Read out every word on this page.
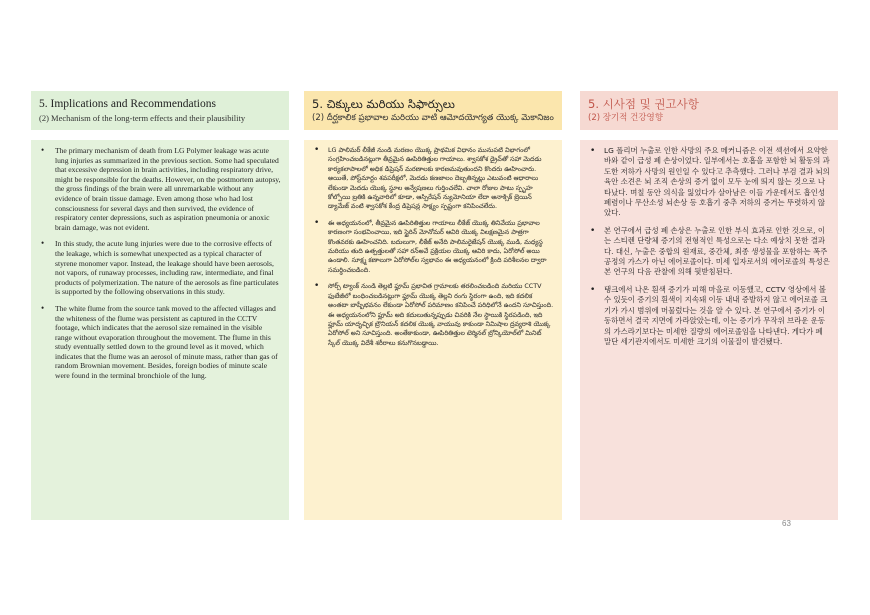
5. Implications and Recommendations
(2) Mechanism of the long-term effects and their plausibility
• The primary mechanism of death from LG Polymer leakage was acute lung injuries as summarized in the previous section. Some had speculated that excessive depression in brain activities, including respiratory drive, might be responsible for the deaths. However, on the postmortem autopsy, the gross findings of the brain were all unremarkable without any evidence of brain tissue damage. Even among those who had lost consciousness for several days and then survived, the evidence of respiratory center depressions, such as aspiration pneumonia or anoxic brain damage, was not evident.
• In this study, the acute lung injuries were due to the corrosive effects of the leakage, which is somewhat unexpected as a typical character of styrene monomer vapor. Instead, the leakage should have been aerosols, not vapors, of runaway processes, including raw, intermediate, and final products of polymerization. The nature of the aerosols as fine particulates is supported by the following observations in this study.
• The white flume from the source tank moved to the affected villages and the whiteness of the flume was persistent as captured in the CCTV footage, which indicates that the aerosol size remained in the visible range without evaporation throughout the movement. The flume in this study eventually settled down to the ground level as it moved, which indicates that the flume was an aerosol of minute mass, rather than gas of random Brownian movement. Besides, foreign bodies of minute scale were found in the terminal bronchiole of the lung.
5. చిక్కులు మరియు సిఫార్సులు
(2) దీర్ఘకాలిక ప్రభావాల మరియు వాటి ఆమోదయోగ్యత యొక్క మెకానిజం
• LG పాలిమర్ లీకేజీ నుండి మరణం యొక్క ప్రాథమిక విధానం మునుపటి విభాగంలో సంగ్రహించబడినట్లుగా తీవ్రమైన ఊపిరితిత్తుల గాయాలు. శ్వాసకోశ డ్రైవ్‌తో సహా మెదడు కార్యకలాపాలలో అధిక డిప్రెషన్ మరణాలకు కారణమవుతుందని కొందరు ఊహించారు. అయితే, పోస్ట్‌మార్టం శవపరీక్షలో, మెదడు కణజాలం దెబ్బతిన్నట్లు ఎటువంటి ఆధారాలు లేకుండా మెదడు యొక్క స్థూల అన్వేషణలు గుర్తించలేవి. చాలా రోజుల పాటు స్పృహ కోల్పోయి బ్రతికి ఉన్నవారిలో కూడా, ఆస్పిరేషన్ న్యుమోనియా లేదా అనాక్సిక్ బ్రెయిన్ డ్యామేజ్ వంటి శ్వాసకోశ కేంద్ర డిప్రెషన్ల సాక్ష్యం స్పష్టంగా కనిపించలేదు.
• ఈ అధ్యయనంలో, తీవ్రమైన ఊపిరితిత్తుల గాయాలు లీకేజ్ యొక్క తినివేయు ప్రభావాల కారణంగా సంభవించాయి, ఇది స్టైరిన్ మోనోమర్ ఆవిరి యొక్క విలక్షణమైన పాత్రగా కొంతవరకు ఊహించనిది. బదులుగా, లీకేజ్ అనేది పాలిమరైజేషన్ యొక్క ముడి, మధ్యస్థ మరియు తుది ఉత్పత్తులతో సహా రన్‌అవే ప్రక్రియల యొక్క ఆవిరి కాదు, ఏరోసోల్ అయి ఉండాలి. సూక్ష్మ కణాలుగా ఏరోసోల్‌ల స్వభావం ఈ అధ్యయనంలో క్రింది పరిశీలనల ద్వారా సమర్థించబడింది.
• సోర్స్ ట్యాంక్ నుండి తెల్లటి ఫ్లూమ్ ప్రభావిత గ్రామాలకు తరలించబడింది మరియు CCTV ఫుటేజీలో బంధించబడినట్లుగా ఫ్లూమ్ యొక్క తెల్లని రంగు స్థిరంగా ఉంది, ఇది కదలిక అంతటా బాష్పీభవనం లేకుండా ఏరోసోల్ పరిమాణం కనిపించే పరిధిలోనే ఉందని సూచిస్తుంది. ఈ అధ్యయనంలోని ఫ్లూమ్ అది కదులుతున్నప్పుడు చివరికి నేల స్థాయికి స్థిరపడింది, ఇది ఫ్లూమ్ యాదృచ్ఛిక బ్రౌనియన్ కదలిక యొక్క వాయువు కాకుండా నిమిషాల ద్రవ్యరాశి యొక్క ఏరోసోల్ అని సూచిస్తుంది. అంతేకాకుండా, ఊపిరితిత్తుల టెర్మినల్ బ్రోన్కియోల్‌లో మినిట్ స్కేల్ యొక్క విదేశీ శరీరాలు కనుగొనబడ్డాయి.
5. 시사점 및 권고사항
(2) 장기적 건강영향
• LG 폴리머 누출로 인한 사망의 주요 메커니즘은 이전 섹션에서 요약한 바와 같이 급성 폐 손상이었다. 일부에서는 호흡을 포함한 뇌 활동의 과도한 저하가 사망의 원인일 수 있다고 추측했다. 그러나 부검 결과 뇌의 육안 소견은 뇌 조직 손상의 증거 없이 모두 눈에 띄지 않는 것으로 나타났다. 며칠 동안 의식을 잃었다가 살아남은 이들 가운데서도 흡인성 폐렴이나 무산소성 뇌손상 등 호흡기 중추 저하의 증거는 뚜렷하지 않았다.
• 본 연구에서 급성 폐 손상은 누출로 인한 부식 효과로 인한 것으로, 이는 스티렌 단량체 증기의 전형적인 특성으로는 다소 예상치 못한 결과다. 대신, 누출은 중합의 원재료, 중간체, 최종 생성물을 포함하는 폭주 공정의 가스가 아닌 에어로졸이다. 미세 입자로서의 에어로졸의 특성은 본 연구의 다음 관찰에 의해 뒷받침된다.
• 탱크에서 나온 흰색 증기가 피해 마을로 이동했고, CCTV 영상에서 볼 수 있듯이 증기의 흰색이 지속돼 이동 내내 증발하지 않고 에어로졸 크기가 가시 범위에 머물렀다는 것을 알 수 있다. 본 연구에서 증기가 이동하면서 결국 지면에 가라앉았는데, 이는 증기가 무작위 브라운 운동의 가스라기보다는 미세한 질량의 에어로졸임을 나타낸다. 게다가 폐 말단 세기관지에서도 미세한 크기의 이물질이 발견됐다.
63
